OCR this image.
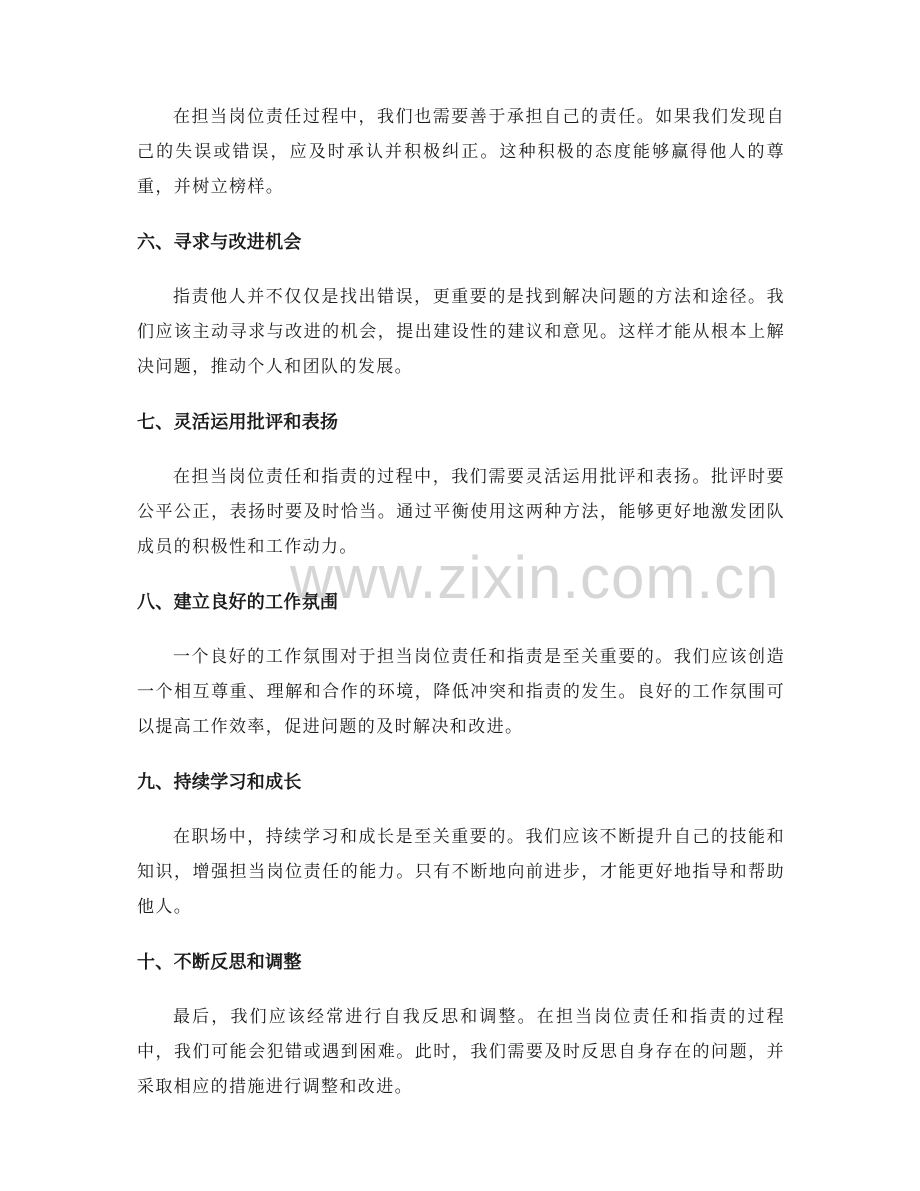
在担当岗位责任过程中，我们也需要善于承担自己的责任。如果我们发现自己的失误或错误，应及时承认并积极纠正。这种积极的态度能够赢得他人的尊重，并树立榜样。

六、寻求与改进机会

指责他人并不仅仅是找出错误，更重要的是找到解决问题的方法和途径。我们应该主动寻求与改进的机会，提出建设性的建议和意见。这样才能从根本上解决问题，推动个人和团队的发展。

七、灵活运用批评和表扬

在担当岗位责任和指责的过程中，我们需要灵活运用批评和表扬。批评时要公平公正，表扬时要及时恰当。通过平衡使用这两种方法，能够更好地激发团队成员的积极性和工作动力。

八、建立良好的工作氛围

一个良好的工作氛围对于担当岗位责任和指责是至关重要的。我们应该创造一个相互尊重、理解和合作的环境，降低冲突和指责的发生。良好的工作氛围可以提高工作效率，促进问题的及时解决和改进。

九、持续学习和成长

在职场中，持续学习和成长是至关重要的。我们应该不断提升自己的技能和知识，增强担当岗位责任的能力。只有不断地向前进步，才能更好地指导和帮助他人。

十、不断反思和调整

最后，我们应该经常进行自我反思和调整。在担当岗位责任和指责的过程中，我们可能会犯错或遇到困难。此时，我们需要及时反思自身存在的问题，并采取相应的措施进行调整和改进。

www.zixin.com.cn
